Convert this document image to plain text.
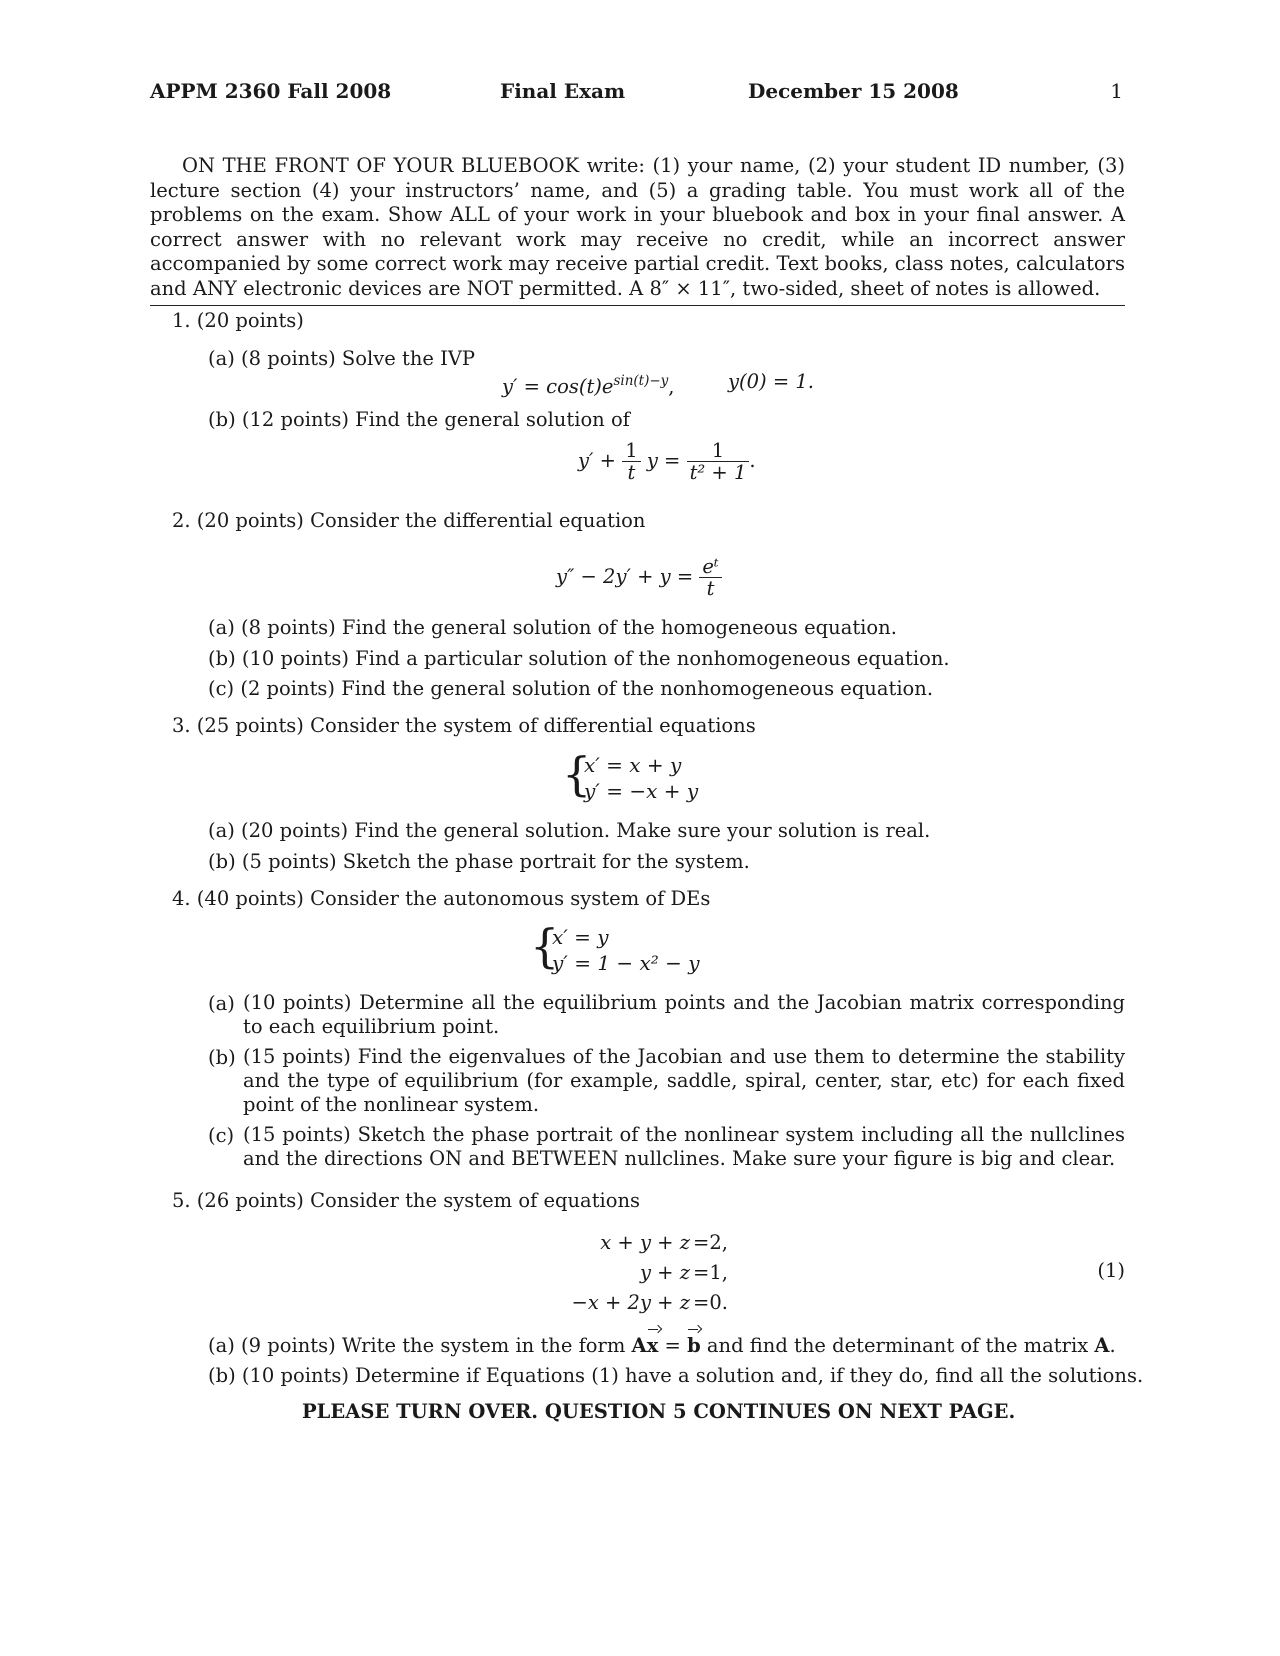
APPM 2360 Fall 2008	Final Exam	December 15 2008	1

ON THE FRONT OF YOUR BLUEBOOK write: (1) your name, (2) your student ID number, (3) lecture section (4) your instructors’ name, and (5) a grading table. You must work all of the problems on the exam. Show ALL of your work in your bluebook and box in your final answer. A correct answer with no relevant work may receive no credit, while an incorrect answer accompanied by some correct work may receive partial credit. Text books, class notes, calculators and ANY electronic devices are NOT permitted. A 8″ × 11″, two-sided, sheet of notes is allowed.

1. (20 points)
(a) (8 points) Solve the IVP
$y' = \cos(t)e^{sin(t)-y}$,	y(0) = 1.
(b) (12 points) Find the general solution of
$y' + \frac{1}{t}$ $y = \frac{1}{\text{t² + 1}}$ .
2. (20 points) Consider the differential equation
$y'' - 2y' + y = \frac{\text{eᵗ}}{t}$
(a) (8 points) Find the general solution of the homogeneous equation.
(b) (10 points) Find a particular solution of the nonhomogeneous equation.
(c) (2 points) Find the general solution of the nonhomogeneous equation.
3. (25 points) Consider the system of differential equations
{
x′ = x + y
y′ = −x + y
(a) (20 points) Find the general solution. Make sure your solution is real.
(b) (5 points) Sketch the phase portrait for the system.
4. (40 points) Consider the autonomous system of DEs
{
x′ = y
y′ = 1 − x² − y
(a) (10 points) Determine all the equilibrium points and the Jacobian matrix corresponding to each equilibrium point.
(b) (15 points) Find the eigenvalues of the Jacobian and use them to determine the stability and the type of equilibrium (for example, saddle, spiral, center, star, etc) for each fixed point of the nonlinear system.
(c) (15 points) Sketch the phase portrait of the nonlinear system including all the nullclines and the directions ON and BETWEEN nullclines. Make sure your figure is big and clear.
5. (26 points) Consider the system of equations
x + y + z
y + z
−x + 2y + z
=2,
=1,
=0.
(1)
(a) (9 points) Write the system in the form Ax = b and find the determinant of the matrix A.
(b) (10 points) Determine if Equations (1) have a solution and, if they do, find all the solutions.
PLEASE TURN OVER. QUESTION 5 CONTINUES ON NEXT PAGE.
